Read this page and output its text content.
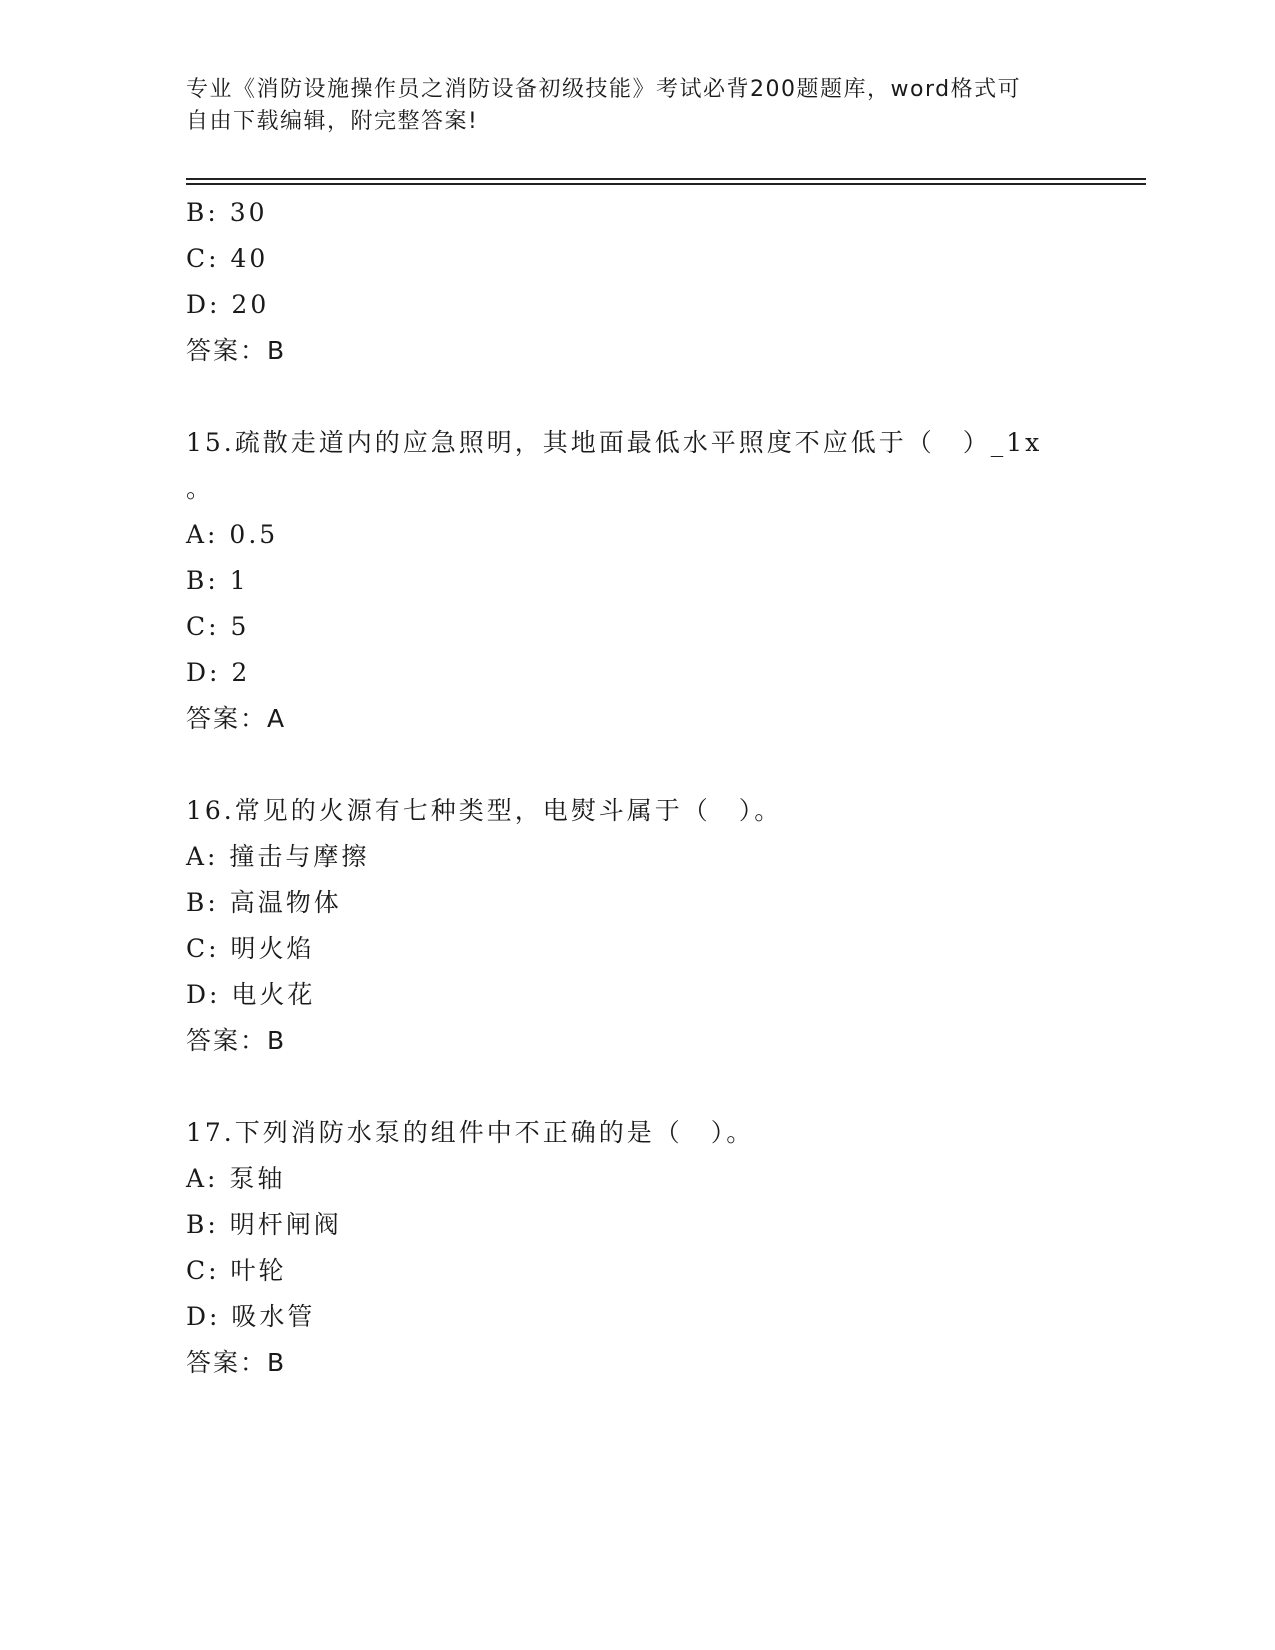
专业《消防设施操作员之消防设备初级技能》考试必背200题题库，word格式可
自由下载编辑，附完整答案!
B: 30
C: 40
D: 20
答案：B
15.疏散走道内的应急照明，其地面最低水平照度不应低于（　）_1x
。
A: 0.5
B: 1
C: 5
D: 2
答案：A
16.常见的火源有七种类型，电熨斗属于（　）。
A: 撞击与摩擦
B: 高温物体
C: 明火焰
D: 电火花
答案：B
17.下列消防水泵的组件中不正确的是（　）。
A: 泵轴
B: 明杆闸阀
C: 叶轮
D: 吸水管
答案：B
